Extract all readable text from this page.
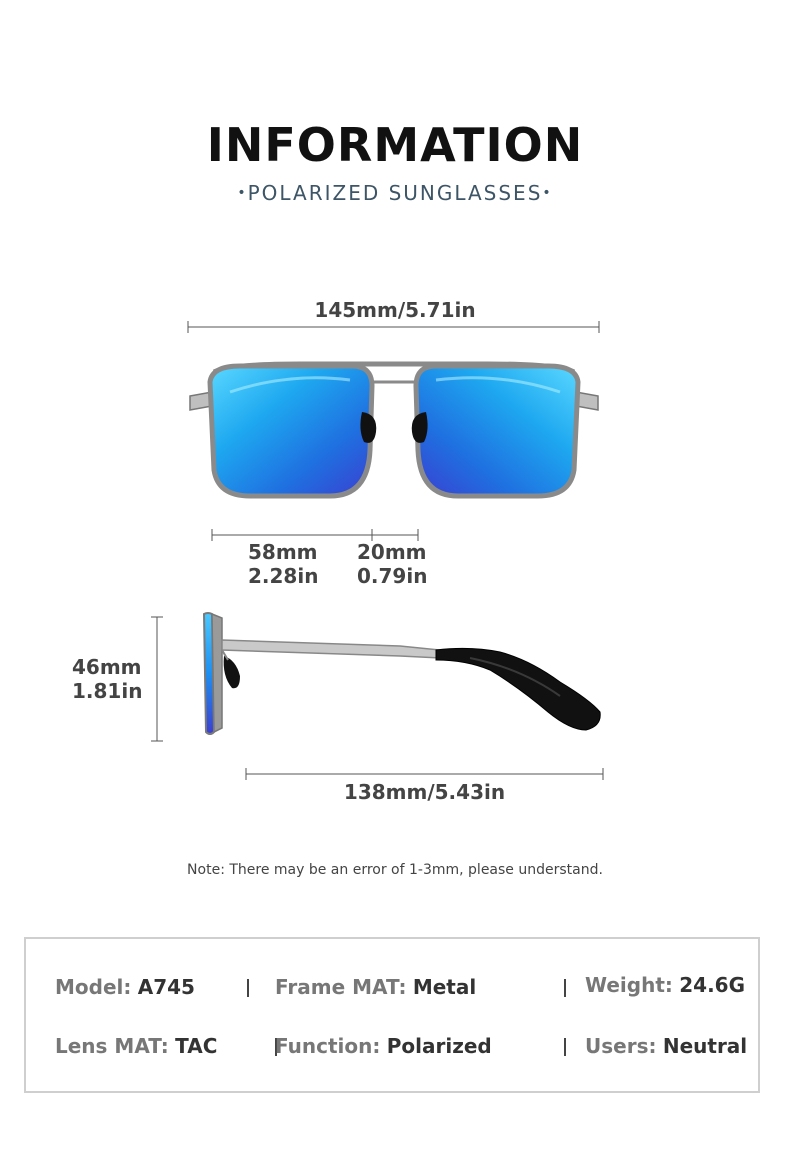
INFORMATION
•POLARIZED SUNGLASSES•
145mm/5.71in
58mm
2.28in
20mm
0.79in
46mm
1.81in
138mm/5.43in
Note: There may be an error of 1-3mm, please understand.
Model: A745	Frame MAT: Metal	Weight: 24.6G
Lens MAT: TAC	Function: Polarized	Users: Neutral
